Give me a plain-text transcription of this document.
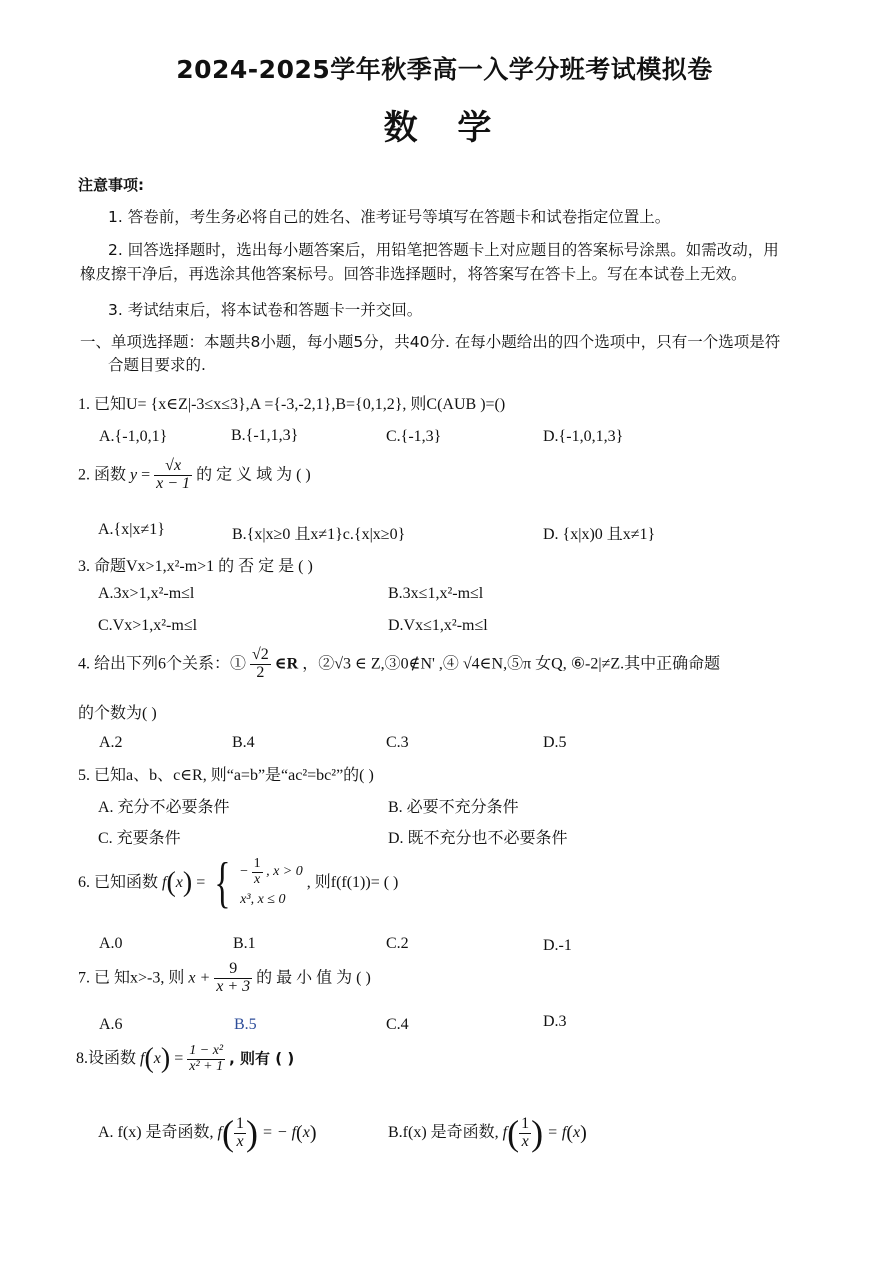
2024-2025学年秋季高一入学分班考试模拟卷
数 学
注意事项:
1. 答卷前，考生务必将自己的姓名、准考证号等填写在答题卡和试卷指定位置上。
2. 回答选择题时，选出每小题答案后，用铅笔把答题卡上对应题目的答案标号涂黑。如需改动，用
橡皮擦干净后，再选涂其他答案标号。回答非选择题时，将答案写在答卡上。写在本试卷上无效。
3. 考试结束后，将本试卷和答题卡一并交回。
一、单项选择题：本题共8小题，每小题5分，共40分. 在每小题给出的四个选项中，只有一个选项是符
合题目要求的.
1. 已知U= {x∈Z|-3≤x≤3},A ={-3,-2,1},B={0,1,2}, 则C(AUB )=()
A.{-1,0,1}	B.{-1,1,3}	C.{-1,3}	D.{-1,0,1,3}
2. 函数 $y = \frac{√x}{x - 1}$ 的 定 义 域 为 ( )
A.{x|x≠1}	B.{x|x≥0 且x≠1}c.{x|x≥0}	D. {x|x)0 且x≠1}
3. 命题Vx>1,x²-m>1 的 否 定 是 ( )
A.3x>1,x²-m≤l	B.3x≤1,x²-m≤l
C.Vx>1,x²-m≤l	D.Vx≤1,x²-m≤l
4. 给出下列6个关系：① $\frac{√2}{2}$ ∈R ，②√3 ∈ Z,③0∉N' ,④ √4∈N,⑤π 女Q, ⑥-2|≠Z.其中正确命题
的个数为( )
A.2	B.4	C.3	D.5
5. 已知a、b、c∈R, 则“a=b”是“ac²=bc²”的( )
A. 充分不必要条件	B. 必要不充分条件
C. 充要条件	D. 既不充分也不必要条件
6. 已知函数 f(x) = { − $\frac{1}{x}$ , x > 0
x³, x ≤ 0
, 则f(f(1))= ( )
A.0	B.1	C.2	D.-1
7. 已 知x>-3, 则 $x + \frac{9}{x + 3}$ 的 最 小 值 为 ( )
A.6	B.5	C.4	D.3
8.设函数 $f(x) = \frac{\text{1 − x²}}{\text{x² + 1}}$ , 则有 ( )
A. f(x) 是奇函数, $f( \frac{1}{x}$ ) = − f(x)	B.f(x) 是奇函数, $f( \frac{1}{x}$ ) = f(x)
